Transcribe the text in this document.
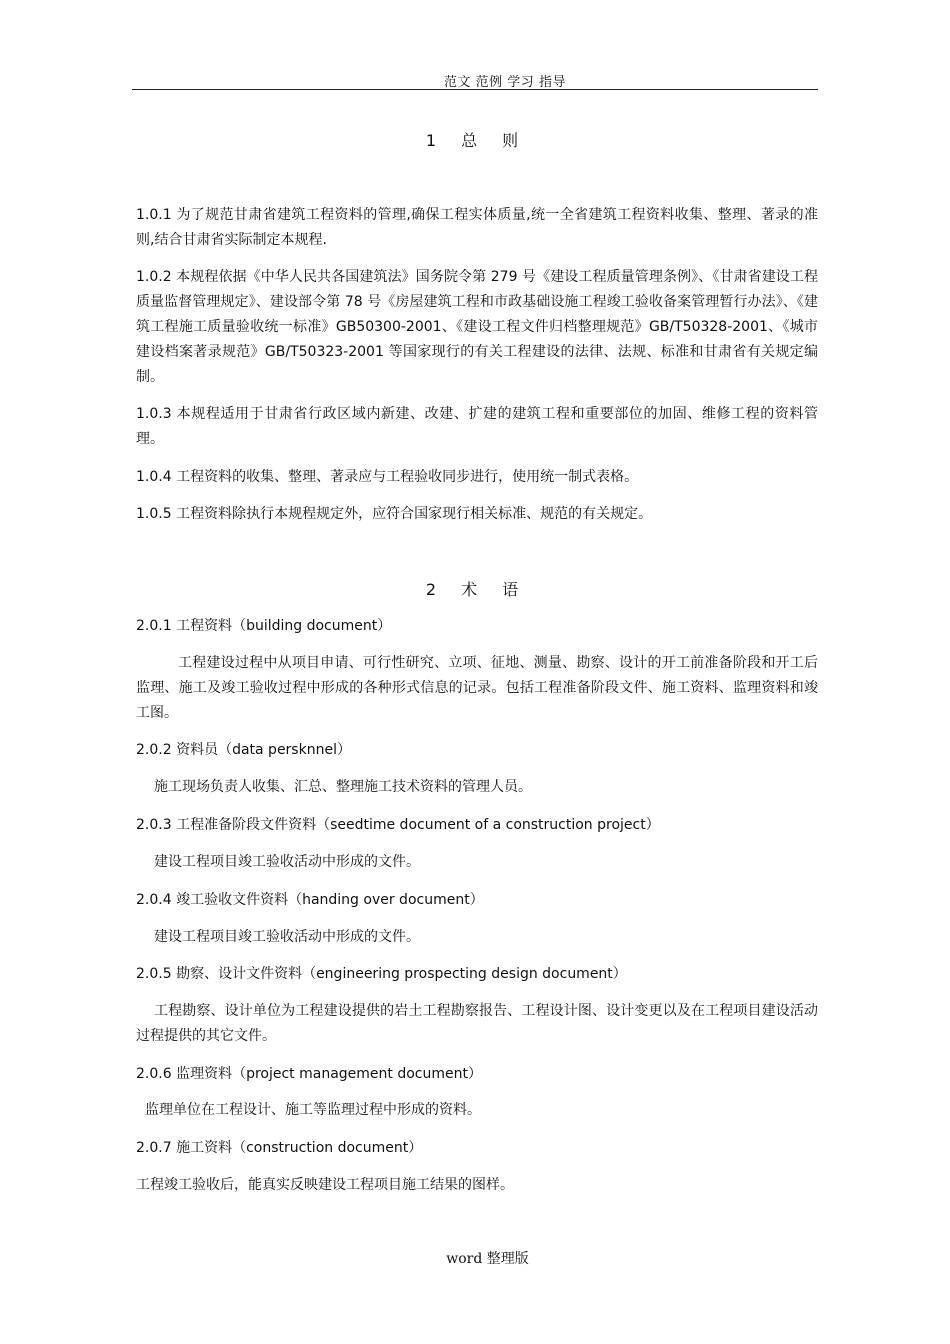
范文 范例 学习 指导
1 总 则
1.0.1 为了规范甘肃省建筑工程资料的管理,确保工程实体质量,统一全省建筑工程资料收集、整理、著录的准则,结合甘肃省实际制定本规程.
1.0.2 本规程依据《中华人民共各国建筑法》国务院令第 279 号《建设工程质量管理条例》、《甘肃省建设工程质量监督管理规定》、建设部令第 78 号《房屋建筑工程和市政基础设施工程竣工验收备案管理暂行办法》、《建筑工程施工质量验收统一标准》GB50300-2001、《建设工程文件归档整理规范》GB/T50328-2001、《城市建设档案著录规范》GB/T50323-2001 等国家现行的有关工程建设的法律、法规、标准和甘肃省有关规定编制。
1.0.3 本规程适用于甘肃省行政区域内新建、改建、扩建的建筑工程和重要部位的加固、维修工程的资料管理。
1.0.4 工程资料的收集、整理、著录应与工程验收同步进行，使用统一制式表格。
1.0.5 工程资料除执行本规程规定外，应符合国家现行相关标准、规范的有关规定。
2 术 语
2.0.1 工程资料（building document）
工程建设过程中从项目申请、可行性研究、立项、征地、测量、勘察、设计的开工前准备阶段和开工后监理、施工及竣工验收过程中形成的各种形式信息的记录。包括工程准备阶段文件、施工资料、监理资料和竣工图。
2.0.2 资料员（data persknnel）
施工现场负责人收集、汇总、整理施工技术资料的管理人员。
2.0.3 工程准备阶段文件资料（seedtime document of a construction project）
建设工程项目竣工验收活动中形成的文件。
2.0.4 竣工验收文件资料（handing over document）
建设工程项目竣工验收活动中形成的文件。
2.0.5 勘察、设计文件资料（engineering prospecting design document）
工程勘察、设计单位为工程建设提供的岩土工程勘察报告、工程设计图、设计变更以及在工程项目建设活动过程提供的其它文件。
2.0.6 监理资料（project management document）
监理单位在工程设计、施工等监理过程中形成的资料。
2.0.7 施工资料（construction document）
工程竣工验收后，能真实反映建设工程项目施工结果的图样。
word 整理版
